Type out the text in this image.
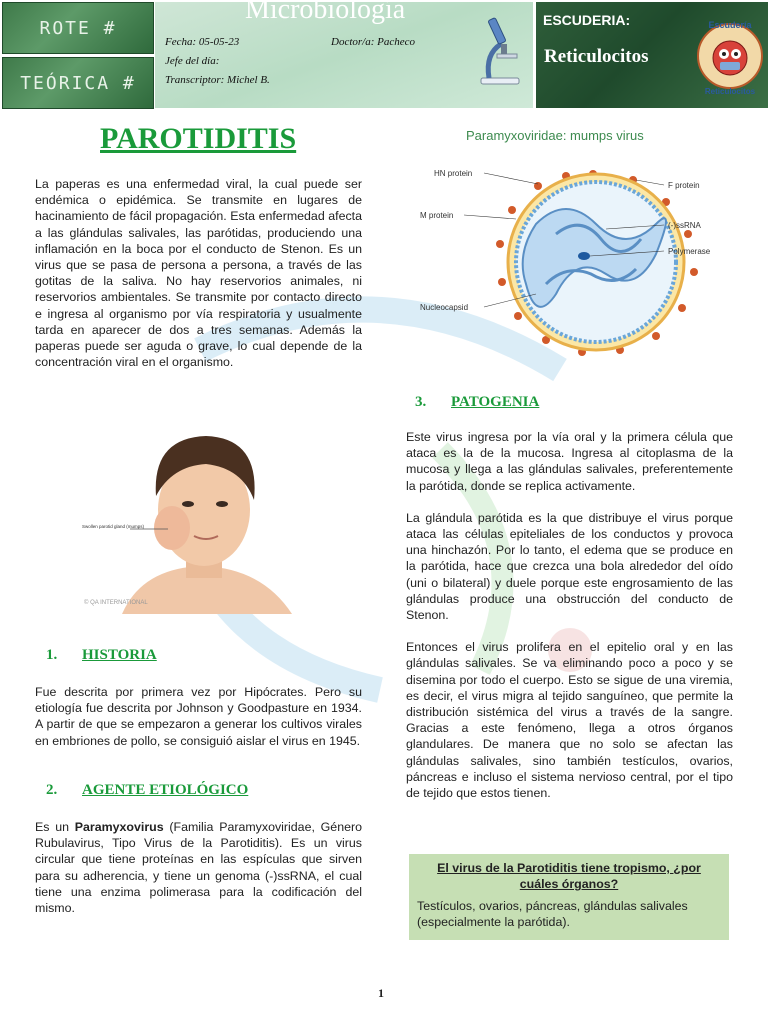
ROTE #
TEÓRICA #
Microbiología
Fecha: 05-05-23	Doctor/a: Pacheco
Jefe del día:
Transcriptor: Michel B.
ESCUDERIA:
Reticulocitos
Escudería
Reticulocitos
PAROTIDITIS

La paperas es una enfermedad viral, la cual puede ser endémica o epidémica. Se transmite en lugares de hacinamiento de fácil propagación. Esta enfermedad afecta a las glándulas salivales, las parótidas, produciendo una inflamación en la boca por el conducto de Stenon. Es un virus que se pasa de persona a persona, a través de las gotitas de la saliva. No hay reservorios animales, ni reservorios ambientales. Se transmite por contacto directo e ingresa al organismo por vía respiratoria y usualmente tarda en aparecer de dos a tres semanas. Además la paperas puede ser aguda o grave, lo cual depende de la concentración viral en el organismo.

Swollen parotid gland (mumps)
© QA INTERNATIONAL
1. HISTORIA

Fue descrita por primera vez por Hipócrates. Pero su etiología fue descrita por Johnson y Goodpasture en 1934. A partir de que se empezaron a generar los cultivos virales en embriones de pollo, se consiguió aislar el virus en 1945.

2. AGENTE ETIOLÓGICO

Es un Paramyxovirus (Familia Paramyxoviridae, Género Rubulavirus, Tipo Virus de la Parotiditis). Es un virus circular que tiene proteínas en las espículas que sirven para su adherencia, y tiene un genoma (-)ssRNA, el cual tiene una enzima polimerasa para la codificación del mismo.

Paramyxoviridae: mumps virus
HN protein
M protein
Nucleocapsid
F protein
(-)ssRNA
Polymerase
3. PATOGENIA

Este virus ingresa por la vía oral y la primera célula que ataca es la de la mucosa. Ingresa al citoplasma de la mucosa y llega a las glándulas salivales, preferentemente la parótida, donde se replica activamente.

La glándula parótida es la que distribuye el virus porque ataca las células epiteliales de los conductos y provoca una hinchazón. Por lo tanto, el edema que se produce en la parótida, hace que crezca una bola alrededor del oído (uni o bilateral) y duele porque este engrosamiento de las glándulas produce una obstrucción del conducto de Stenon.

Entonces el virus prolifera en el epitelio oral y en las glándulas salivales. Se va eliminando poco a poco y se disemina por todo el cuerpo. Esto se sigue de una viremia, es decir, el virus migra al tejido sanguíneo, que permite la distribución sistémica del virus a través de la sangre. Gracias a este fenómeno, llega a otros órganos glandulares. De manera que no solo se afectan las glándulas salivales, sino también testículos, ovarios, páncreas e incluso el sistema nervioso central, por el tipo de tejido que estos tienen.

El virus de la Parotiditis tiene tropismo, ¿por cuáles órganos?
Testículos, ovarios, páncreas, glándulas salivales (especialmente la parótida).
1
